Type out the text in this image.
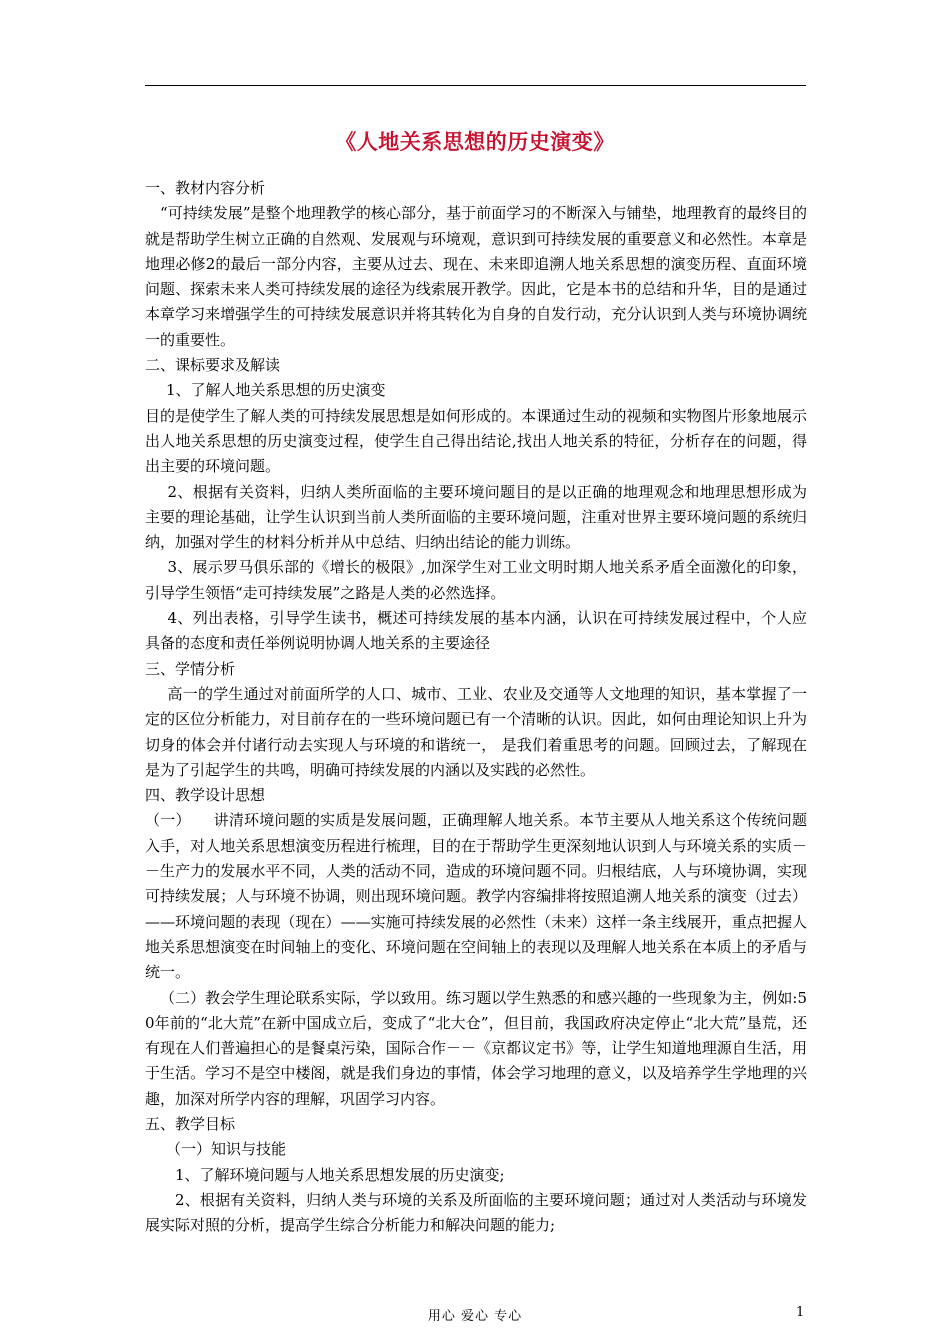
《人地关系思想的历史演变》

一、教材内容分析

“可持续发展”是整个地理教学的核心部分，基于前面学习的不断深入与铺垫，地理教育的最终目的就是帮助学生树立正确的自然观、发展观与环境观，意识到可持续发展的重要意义和必然性。本章是地理必修2的最后一部分内容，主要从过去、现在、未来即追溯人地关系思想的演变历程、直面环境问题、探索未来人类可持续发展的途径为线索展开教学。因此，它是本书的总结和升华，目的是通过本章学习来增强学生的可持续发展意识并将其转化为自身的自发行动，充分认识到人类与环境协调统一的重要性。

二、课标要求及解读

1、了解人地关系思想的历史演变

目的是使学生了解人类的可持续发展思想是如何形成的。本课通过生动的视频和实物图片形象地展示出人地关系思想的历史演变过程，使学生自己得出结论,找出人地关系的特征，分析存在的问题，得出主要的环境问题。

2、根据有关资料，归纳人类所面临的主要环境问题目的是以正确的地理观念和地理思想形成为主要的理论基础，让学生认识到当前人类所面临的主要环境问题，注重对世界主要环境问题的系统归纳，加强对学生的材料分析并从中总结、归纳出结论的能力训练。

3、展示罗马俱乐部的《增长的极限》,加深学生对工业文明时期人地关系矛盾全面激化的印象，引导学生领悟“走可持续发展”之路是人类的必然选择。

4、列出表格，引导学生读书，概述可持续发展的基本内涵，认识在可持续发展过程中，个人应具备的态度和责任举例说明协调人地关系的主要途径

三、学情分析

高一的学生通过对前面所学的人口、城市、工业、农业及交通等人文地理的知识，基本掌握了一定的区位分析能力，对目前存在的一些环境问题已有一个清晰的认识。因此，如何由理论知识上升为切身的体会并付诸行动去实现人与环境的和谐统一， 是我们着重思考的问题。回顾过去，了解现在是为了引起学生的共鸣，明确可持续发展的内涵以及实践的必然性。

四、教学设计思想

（一）　　讲清环境问题的实质是发展问题，正确理解人地关系。本节主要从人地关系这个传统问题入手，对人地关系思想演变历程进行梳理，目的在于帮助学生更深刻地认识到人与环境关系的实质－－生产力的发展水平不同，人类的活动不同，造成的环境问题不同。归根结底，人与环境协调，实现可持续发展；人与环境不协调，则出现环境问题。教学内容编排将按照追溯人地关系的演变（过去）——环境问题的表现（现在）——实施可持续发展的必然性（未来）这样一条主线展开，重点把握人地关系思想演变在时间轴上的变化、环境问题在空间轴上的表现以及理解人地关系在本质上的矛盾与统一。

（二）教会学生理论联系实际，学以致用。练习题以学生熟悉的和感兴趣的一些现象为主，例如:50年前的“北大荒”在新中国成立后，变成了“北大仓”，但目前，我国政府决定停止“北大荒”垦荒，还有现在人们普遍担心的是餐桌污染，国际合作－－《京都议定书》等，让学生知道地理源自生活，用于生活。学习不是空中楼阁，就是我们身边的事情，体会学习地理的意义，以及培养学生学地理的兴趣，加深对所学内容的理解，巩固学习内容。

五、教学目标

（一）知识与技能

1、了解环境问题与人地关系思想发展的历史演变;

2、根据有关资料，归纳人类与环境的关系及所面临的主要环境问题；通过对人类活动与环境发展实际对照的分析，提高学生综合分析能力和解决问题的能力;

用心 爱心 专心	1
